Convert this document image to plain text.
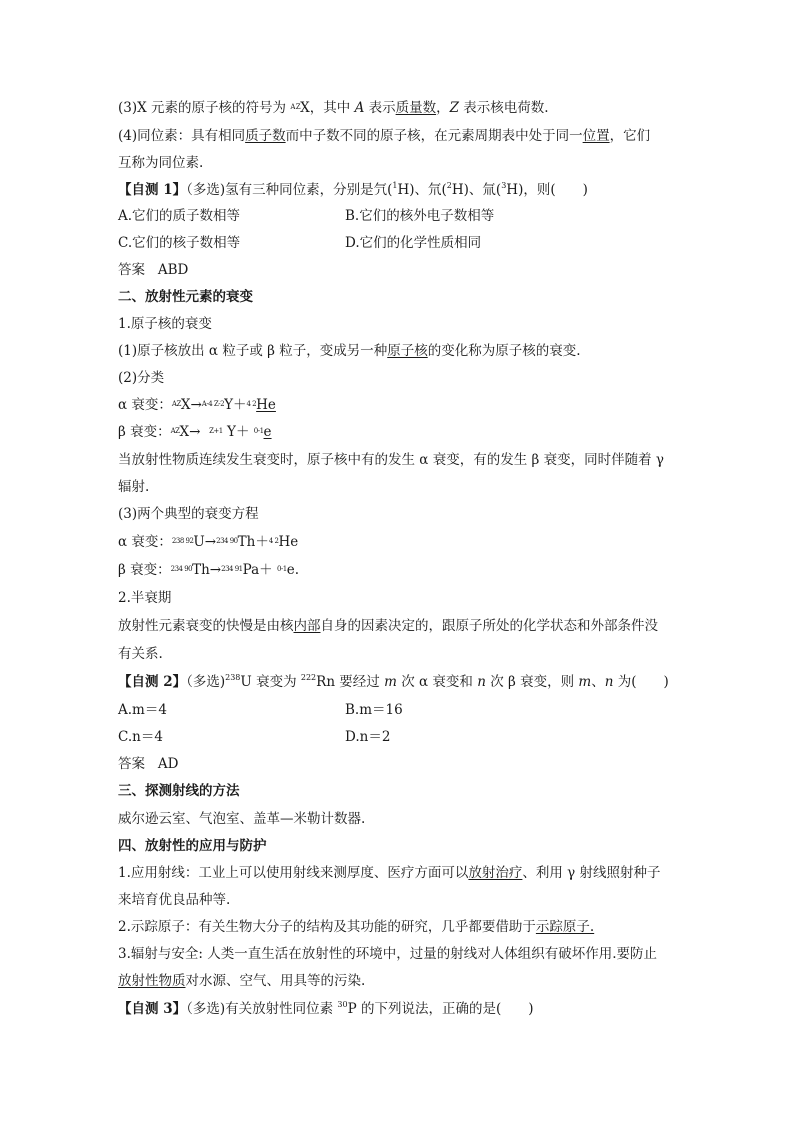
(3)X 元素的原子核的符号为 A ZX，其中 A 表示质量数，Z 表示核电荷数.
(4)同位素：具有相同质子数而中子数不同的原子核，在元素周期表中处于同一位置，它们
互称为同位素.
【自测 1】（多选)氢有三种同位素，分别是氕($^1$H)、氘($^2$H)、氚($^3$H)，则(　　)
A.它们的质子数相等	B.它们的核外电子数相等
C.它们的核子数相等	D.它们的化学性质相同
答案 ABD
二、放射性元素的衰变
1.原子核的衰变
(1)原子核放出 α 粒子或 β 粒子，变成另一种原子核的变化称为原子核的衰变.
(2)分类
α 衰变：AZX→A-4 Z-2Y＋4 2He
β 衰变：AZX→ Z+1 Y＋ 0-1e
当放射性物质连续发生衰变时，原子核中有的发生 α 衰变，有的发生 β 衰变，同时伴随着 γ
辐射.
(3)两个典型的衰变方程
α 衰变：238 92U→234 90Th＋4 2He
β 衰变：234 90Th→234 91Pa＋ 0-1e.
2.半衰期
放射性元素衰变的快慢是由核内部自身的因素决定的，跟原子所处的化学状态和外部条件没
有关系.
【自测 2】（多选)$^{238}$U 衰变为 $^{222}$Rn 要经过 m 次 α 衰变和 n 次 β 衰变，则 m、n 为(　　)
A.m＝4	B.m＝16
C.n＝4	D.n＝2
答案 AD
三、探测射线的方法
威尔逊云室、气泡室、盖革—米勒计数器.
四、放射性的应用与防护
1.应用射线：工业上可以使用射线来测厚度、医疗方面可以放射治疗、利用 γ 射线照射种子
来培育优良品种等.
2.示踪原子：有关生物大分子的结构及其功能的研究，几乎都要借助于示踪原子.
3.辐射与安全: 人类一直生活在放射性的环境中，过量的射线对人体组织有破坏作用.要防止
放射性物质对水源、空气、用具等的污染.
【自测 3】（多选)有关放射性同位素 $^{30}$P 的下列说法，正确的是(　　)
